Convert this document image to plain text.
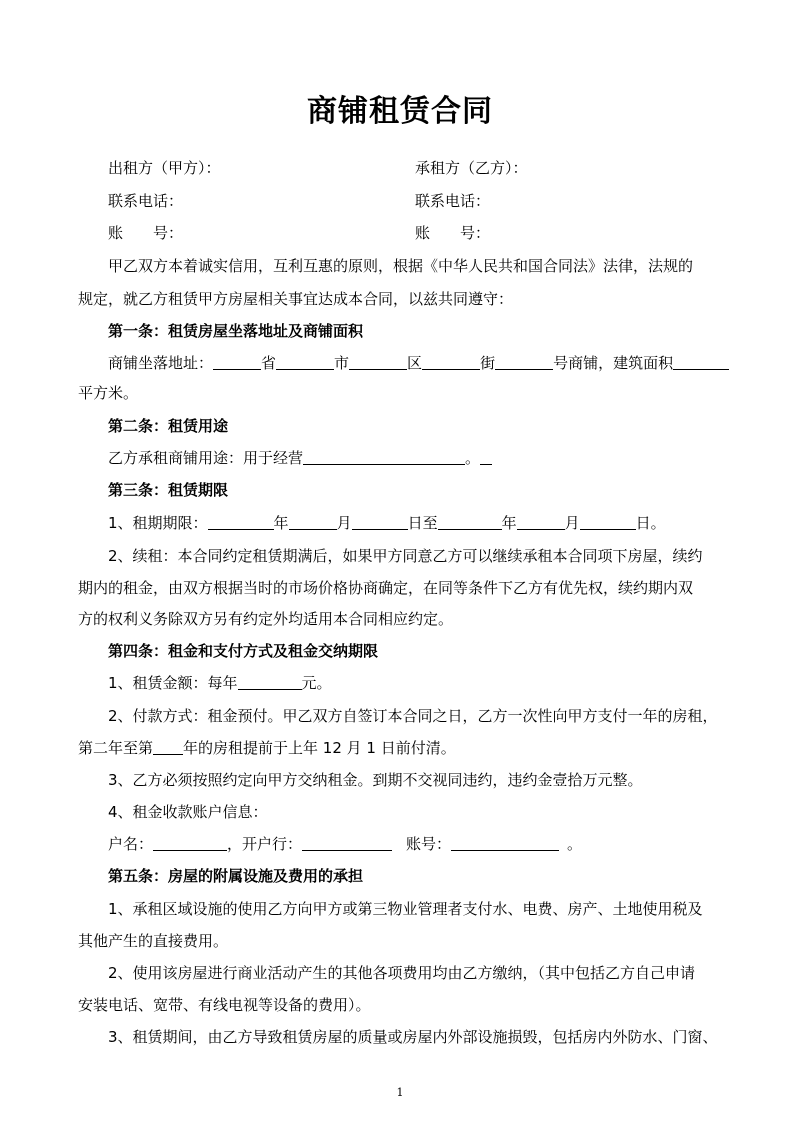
商铺租赁合同
出租方（甲方）：	承租方（乙方）：
联系电话：	联系电话：
账　　号：	账　　号：
甲乙双方本着诚实信用，互利互惠的原则，根据《中华人民共和国合同法》法律，法规的
规定，就乙方租赁甲方房屋相关事宜达成本合同，以兹共同遵守：
第一条：租赁房屋坐落地址及商铺面积
商铺坐落地址：	省	市	区	街	号商铺，建筑面积
平方米。
第二条：租赁用途
乙方承租商铺用途：用于经营	。
第三条：租赁期限
1、租期期限：	年	月	日至	年	月	日。
2、续租：本合同约定租赁期满后，如果甲方同意乙方可以继续承租本合同项下房屋，续约
期内的租金，由双方根据当时的市场价格协商确定，在同等条件下乙方有优先权，续约期内双
方的权利义务除双方另有约定外均适用本合同相应约定。
第四条：租金和支付方式及租金交纳期限
1、租赁金额：每年	元。
2、付款方式：租金预付。甲乙双方自签订本合同之日，乙方一次性向甲方支付一年的房租，
第二年至第 年的房租提前于上年 12 月 1 日前付清。
3、乙方必须按照约定向甲方交纳租金。到期不交视同违约，违约金壹拾万元整。
4、租金收款账户信息：
户名：	，开户行：	账号：	。
第五条：房屋的附属设施及费用的承担
1、承租区域设施的使用乙方向甲方或第三物业管理者支付水、电费、房产、土地使用税及
其他产生的直接费用。
2、使用该房屋进行商业活动产生的其他各项费用均由乙方缴纳，（其中包括乙方自己申请
安装电话、宽带、有线电视等设备的费用）。
3、租赁期间，由乙方导致租赁房屋的质量或房屋内外部设施损毁，包括房内外防水、门窗、
1
